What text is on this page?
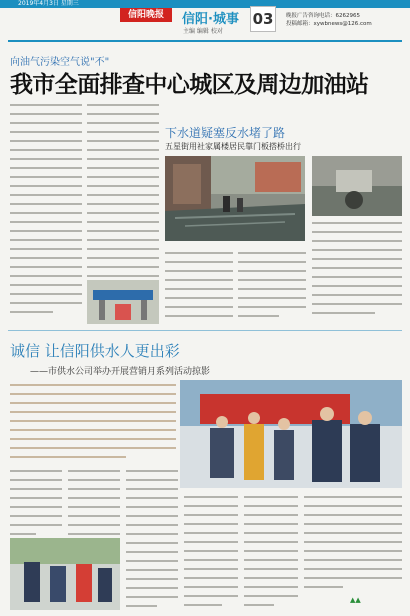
2019年4月3日 星期三
信阳晚报	信阳·城事
主编 编辑 校对
03	晚报广告咨询电话：6262965
投稿邮箱：xywbnews@126.com
向油气污染空气说"不"
我市全面排查中心城区及周边加油站
下水道疑塞反水堵了路
五星街用社家属楼居民靠门板搭桥出行
诚信 让信阳供水人更出彩
——市供水公司举办开展营销月系列活动掠影
▲▲
